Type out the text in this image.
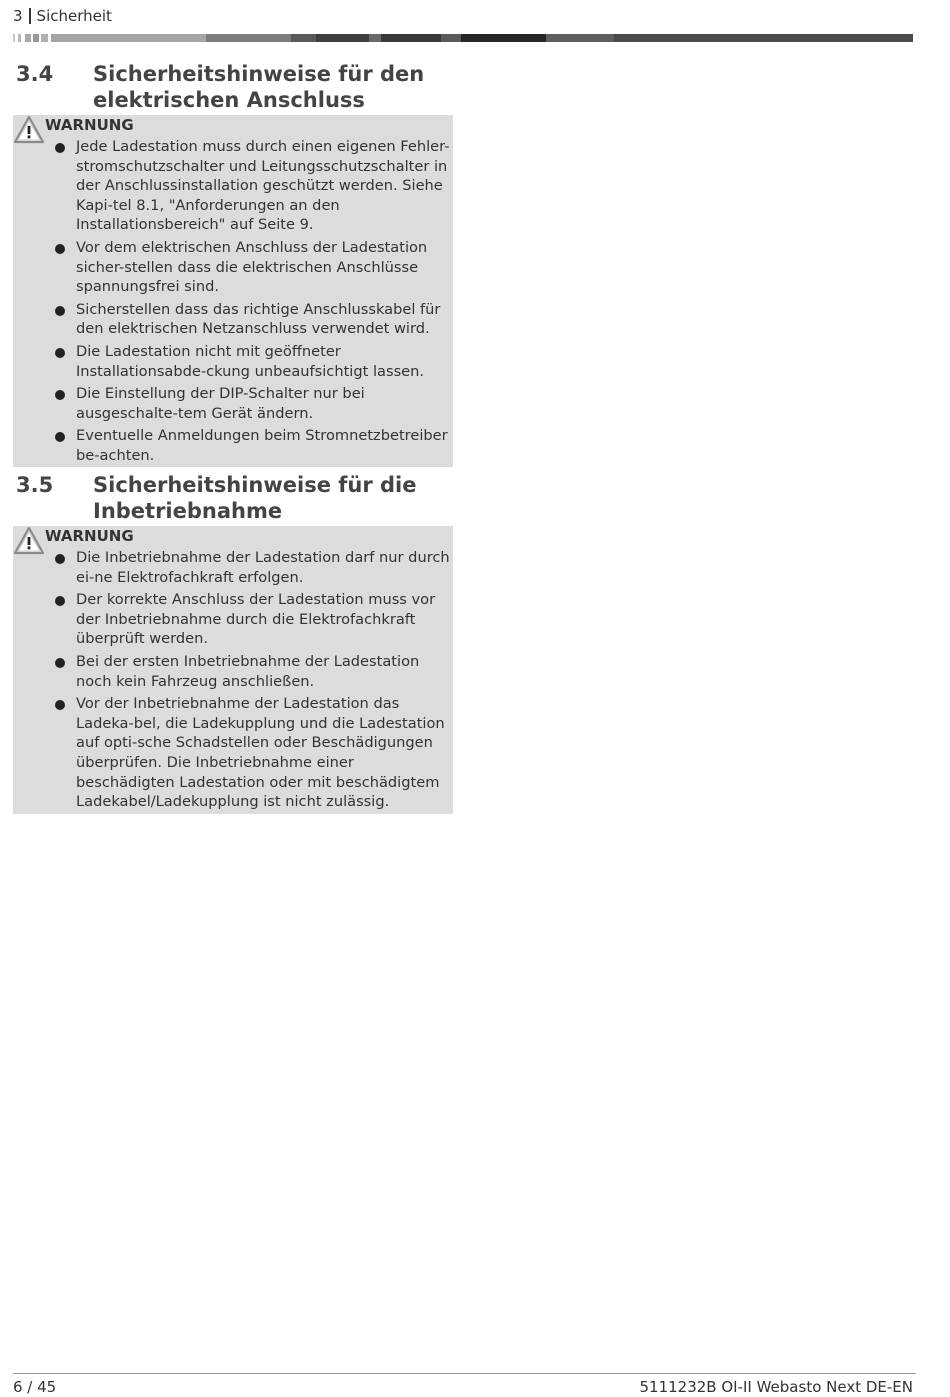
3 Sicherheit
3.4 Sicherheitshinweise für den elektrischen Anschluss
WARNUNG
Jede Ladestation muss durch einen eigenen Fehler-stromschutzschalter und Leitungsschutzschalter in der Anschlussinstallation geschützt werden. Siehe Kapi-tel 8.1, "Anforderungen an den Installationsbereich" auf Seite 9.
Vor dem elektrischen Anschluss der Ladestation sicher-stellen dass die elektrischen Anschlüsse spannungsfrei sind.
Sicherstellen dass das richtige Anschlusskabel für den elektrischen Netzanschluss verwendet wird.
Die Ladestation nicht mit geöffneter Installationsabde-ckung unbeaufsichtigt lassen.
Die Einstellung der DIP-Schalter nur bei ausgeschalte-tem Gerät ändern.
Eventuelle Anmeldungen beim Stromnetzbetreiber be-achten.
3.5 Sicherheitshinweise für die Inbetriebnahme
WARNUNG
Die Inbetriebnahme der Ladestation darf nur durch ei-ne Elektrofachkraft erfolgen.
Der korrekte Anschluss der Ladestation muss vor der Inbetriebnahme durch die Elektrofachkraft überprüft werden.
Bei der ersten Inbetriebnahme der Ladestation noch kein Fahrzeug anschließen.
Vor der Inbetriebnahme der Ladestation das Ladeka-bel, die Ladekupplung und die Ladestation auf opti-sche Schadstellen oder Beschädigungen überprüfen. Die Inbetriebnahme einer beschädigten Ladestation oder mit beschädigtem Ladekabel/Ladekupplung ist nicht zulässig.
6 / 45	5111232B OI-II Webasto Next DE-EN
